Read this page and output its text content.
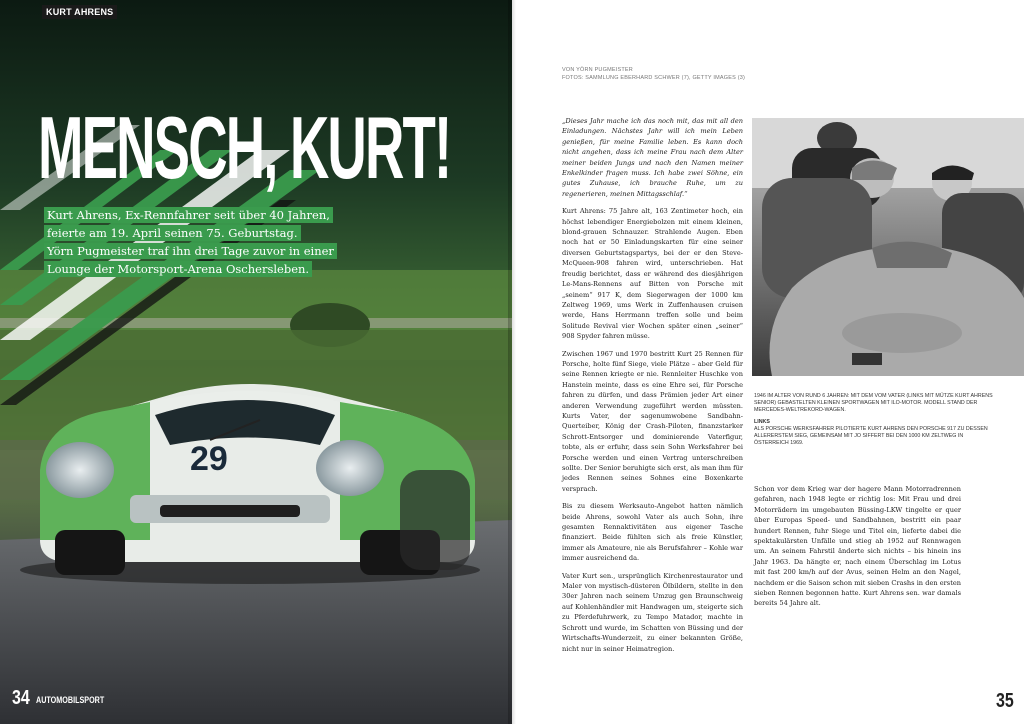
29
KURT AHRENS
MENSCH, KURT!
Kurt Ahrens, Ex-Rennfahrer seit über 40 Jahren,
feierte am 19. April seinen 75. Geburtstag.
Yörn Pugmeister traf ihn drei Tage zuvor in einer
Lounge der Motorsport-Arena Oschersleben.
34 AUTOMOBILSPORT
VON YÖRN PUGMEISTER
FOTOS: SAMMLUNG EBERHARD SCHWER (7), GETTY IMAGES (3)

„Dieses Jahr mache ich das noch mit, das mit all den Einladungen. Nächstes Jahr will ich mein Leben genießen, für meine Familie leben. Es kann doch nicht angehen, dass ich meine Frau nach dem Alter meiner beiden Jungs und nach den Namen meiner Enkelkinder fragen muss. Ich habe zwei Söhne, ein gutes Zuhause, ich brauche Ruhe, um zu regenerieren, meinen Mittagsschlaf.“

Kurt Ahrens: 75 Jahre alt, 163 Zentimeter hoch, ein höchst lebendiger Energiebolzen mit einem kleinen, blond-grauen Schnauzer. Strahlende Augen. Eben noch hat er 50 Einladungskarten für eine seiner diversen Geburtstagspartys, bei der er den Steve-McQueen-908 fahren wird, unterschrieben. Hat freudig berichtet, dass er während des diesjährigen Le-Mans-Rennens auf Bitten von Porsche mit „seinem“ 917 K, dem Siegerwagen der 1000 km Zeltweg 1969, ums Werk in Zuffenhausen cruisen werde, Hans Herrmann treffen solle und beim Solitude Revival vier Wochen später einen „seiner“ 908 Spyder fahren müsse.

Zwischen 1967 und 1970 bestritt Kurt 25 Rennen für Porsche, holte fünf Siege, viele Plätze – aber Geld für seine Rennen kriegte er nie. Rennleiter Huschke von Hanstein meinte, dass es eine Ehre sei, für Porsche fahren zu dürfen, und dass Prämien jeder Art einer anderen Verwendung zugeführt werden müssten. Kurts Vater, der sagenumwobene Sandbahn-Querteiber, König der Crash-Piloten, finanzstarker Schrott-Entsorger und dominierende Vaterfigur, tobte, als er erfuhr, dass sein Sohn Werksfahrer bei Porsche werden und einen Vertrag unterschreiben sollte. Der Senior beruhigte sich erst, als man ihm für jedes Rennen seines Sohnes eine Boxenkarte versprach.

Bis zu diesem Werksauto-Angebot hatten nämlich beide Ahrens, sowohl Vater als auch Sohn, ihre gesamten Rennaktivitäten aus eigener Tasche finanziert. Beide fühlten sich als freie Künstler, immer als Amateure, nie als Berufsfahrer – Kohle war immer ausreichend da.

Vater Kurt sen., ursprünglich Kirchenrestaurator und Maler von mystisch-düsteren Ölbildern, stellte in den 30er Jahren nach seinem Umzug gen Braunschweig auf Kohlenhändler mit Handwagen um, steigerte sich zu Pferdefuhrwerk, zu Tempo Matador, machte in Schrott und wurde, im Schatten von Büssing und der Wirtschafts-Wunderzeit, zu einer bekannten Größe, nicht nur in seiner Heimatregion.

1946 IM ALTER VON RUND 6 JAHREN: MIT DEM VOM VATER (LINKS MIT MÜTZE KURT AHRENS SENIOR) GEBASTELTEN KLEINEN SPORTWAGEN MIT ILO-MOTOR. MODELL STAND DER MERCEDES-WELTREKORD-WAGEN.

LINKS

ALS PORSCHE WERKSFAHRER PILOTIERTE KURT AHRENS DEN PORSCHE 917 ZU DESSEN ALLERERSTEM SIEG, GEMEINSAM MIT JO SIFFERT BEI DEN 1000 KM ZELTWEG IN ÖSTERREICH 1969.

Schon vor dem Krieg war der hagere Mann Motorradrennen gefahren, nach 1948 legte er richtig los: Mit Frau und drei Motorrädern im umgebauten Büssing-LKW tingelte er quer über Europas Speed- und Sandbahnen, bestritt ein paar hundert Rennen, fuhr Siege und Titel ein, lieferte dabei die spektakulärsten Unfälle und stieg ab 1952 auf Rennwagen um. An seinem Fahrstil änderte sich nichts – bis hinein ins Jahr 1963. Da hängte er, nach einem Überschlag im Lotus mit fast 200 km/h auf der Avus, seinen Helm an den Nagel, nachdem er die Saison schon mit sieben Crashs in den ersten sieben Rennen begonnen hatte. Kurt Ahrens sen. war damals bereits 54 Jahre alt.

35
